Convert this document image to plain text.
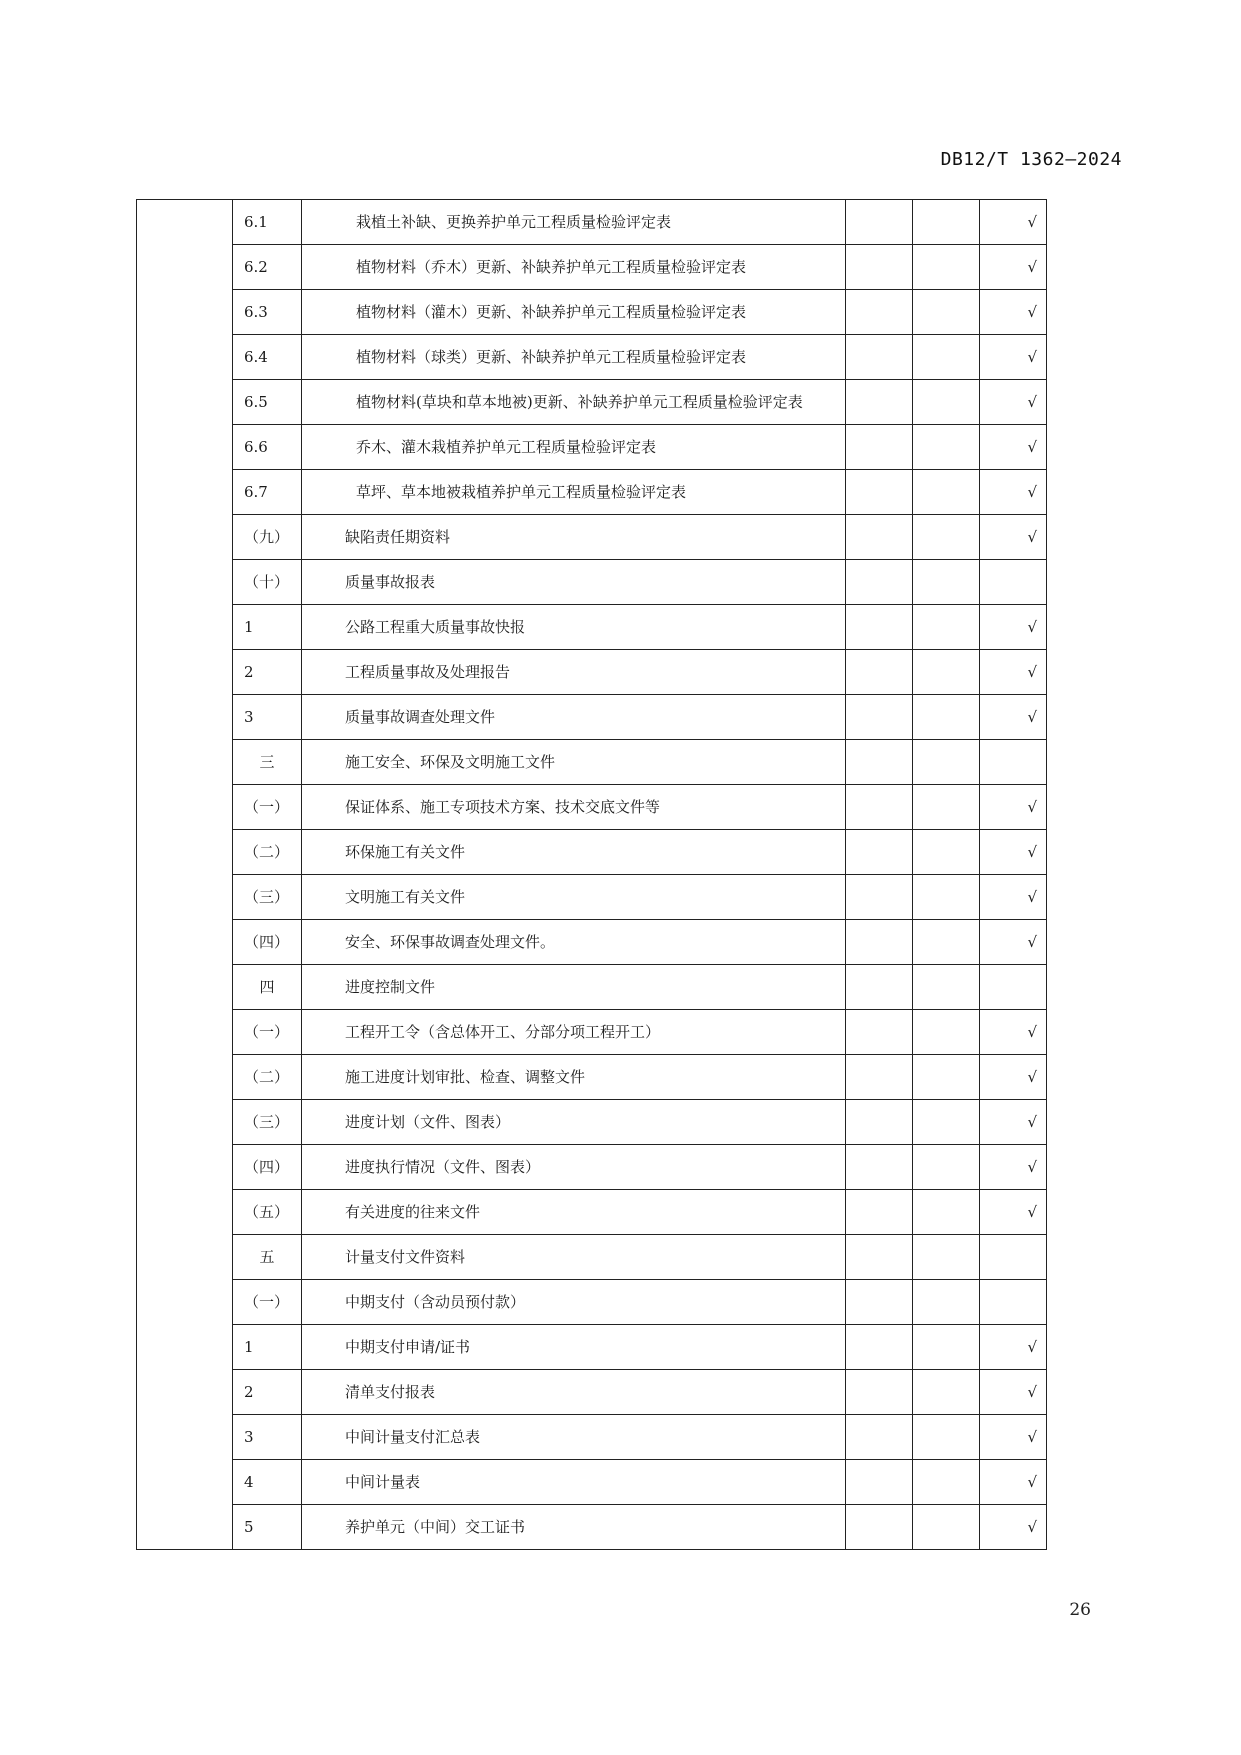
DB12/T 1362—2024
	6.1	栽植土补缺、更换养护单元工程质量检验评定表			√
	6.2	植物材料（乔木）更新、补缺养护单元工程质量检验评定表			√
	6.3	植物材料（灌木）更新、补缺养护单元工程质量检验评定表			√
	6.4	植物材料（球类）更新、补缺养护单元工程质量检验评定表			√
	6.5	植物材料(草块和草本地被)更新、补缺养护单元工程质量检验评定表			√
	6.6	乔木、灌木栽植养护单元工程质量检验评定表			√
	6.7	草坪、草本地被栽植养护单元工程质量检验评定表			√
	（九）	缺陷责任期资料			√
	（十）	质量事故报表			
	1	公路工程重大质量事故快报			√
	2	工程质量事故及处理报告			√
	3	质量事故调查处理文件			√
	三	施工安全、环保及文明施工文件			
	（一）	保证体系、施工专项技术方案、技术交底文件等			√
	（二）	环保施工有关文件			√
	（三）	文明施工有关文件			√
	（四）	安全、环保事故调查处理文件。			√
	四	进度控制文件			
	（一）	工程开工令（含总体开工、分部分项工程开工）			√
	（二）	施工进度计划审批、检查、调整文件			√
	（三）	进度计划（文件、图表）			√
	（四）	进度执行情况（文件、图表）			√
	（五）	有关进度的往来文件			√
	五	计量支付文件资料			
	（一）	中期支付（含动员预付款）			
	1	中期支付申请/证书			√
	2	清单支付报表			√
	3	中间计量支付汇总表			√
	4	中间计量表			√
	5	养护单元（中间）交工证书			√
26
